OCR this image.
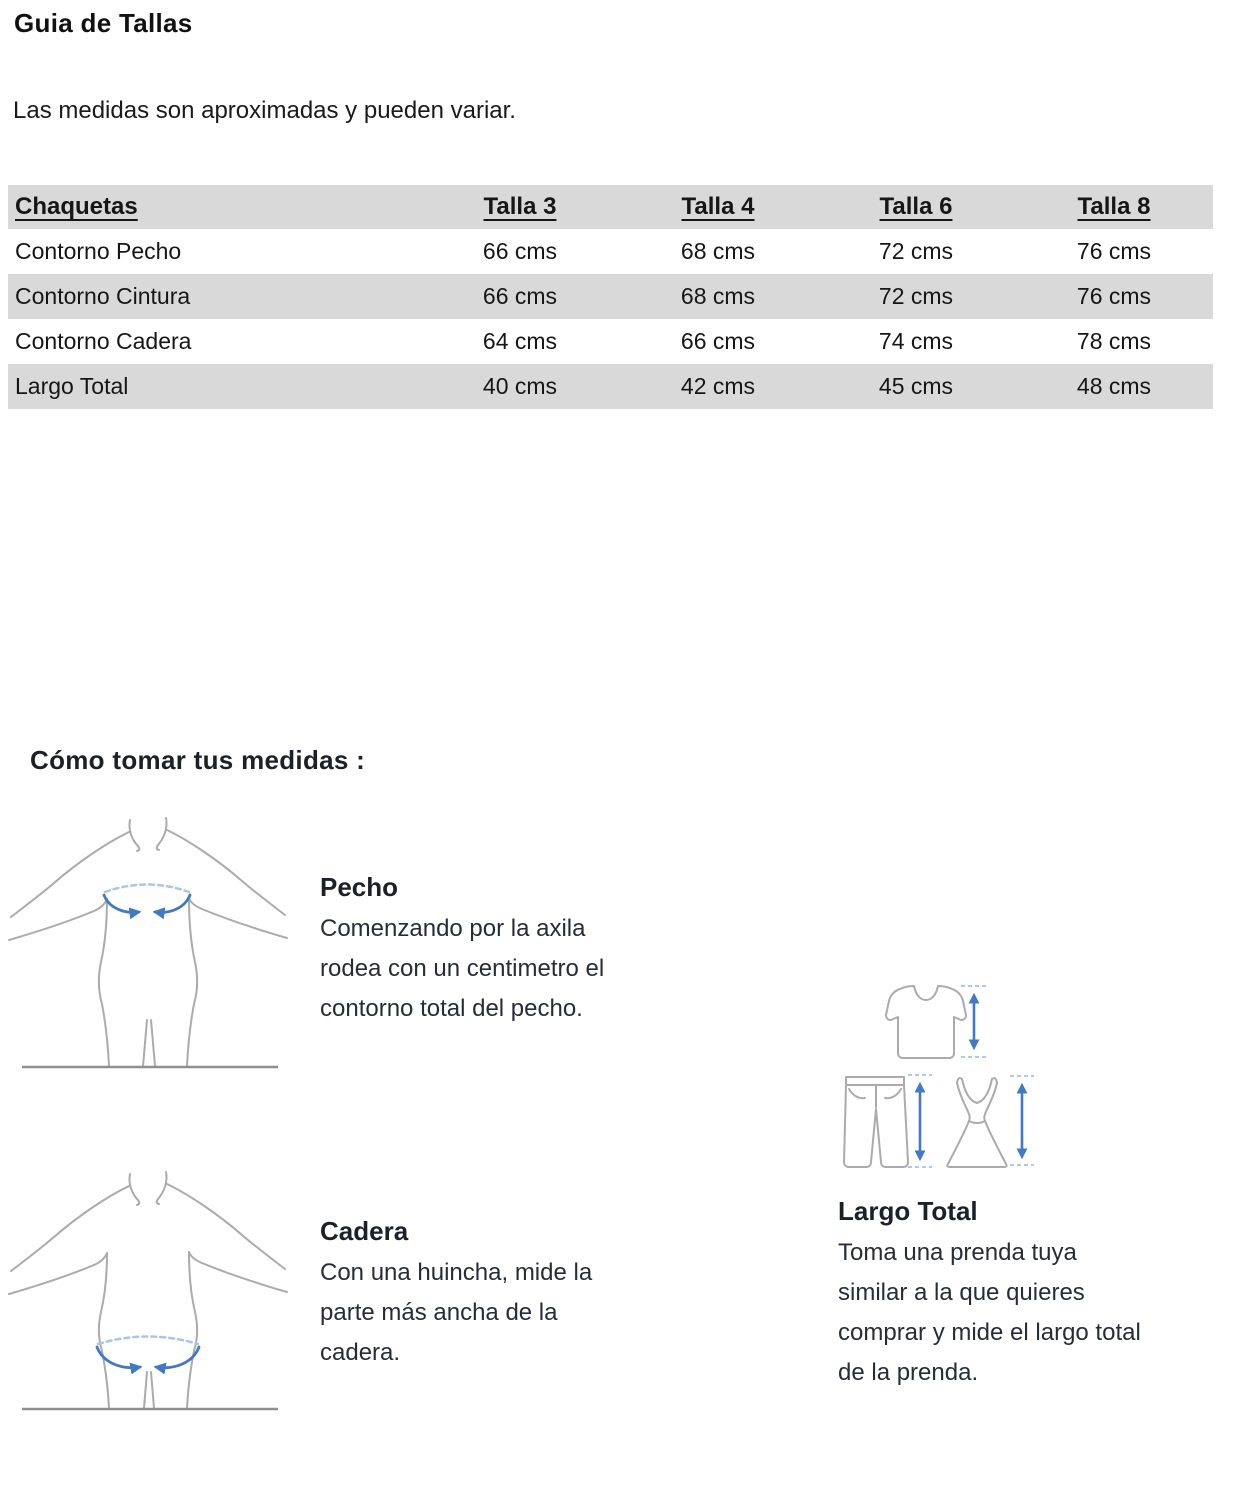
Guia de Tallas
Las medidas son aproximadas y pueden variar.
Chaquetas	Talla 3	Talla 4	Talla 6	Talla 8
Contorno Pecho	66 cms	68 cms	72 cms	76 cms
Contorno Cintura	66 cms	68 cms	72 cms	76 cms
Contorno Cadera	64 cms	66 cms	74 cms	78 cms
Largo Total	40 cms	42 cms	45 cms	48 cms
Cómo tomar tus medidas :
Pecho
Comenzando por la axila
rodea con un centimetro el
contorno total del pecho.
Cadera
Con una huincha, mide la
parte más ancha de la
cadera.
Largo Total
Toma una prenda tuya
similar a la que quieres
comprar y mide el largo total
de la prenda.
